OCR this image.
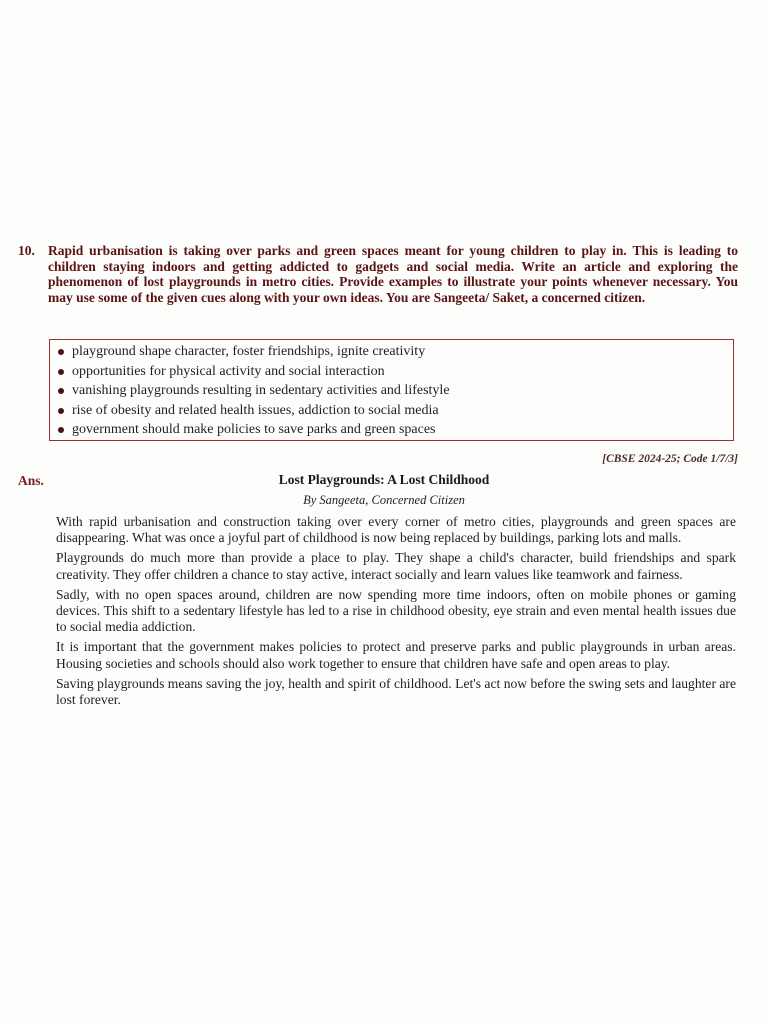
10. Rapid urbanisation is taking over parks and green spaces meant for young children to play in. This is leading to children staying indoors and getting addicted to gadgets and social media. Write an article and exploring the phenomenon of lost playgrounds in metro cities. Provide examples to illustrate your points whenever necessary. You may use some of the given cues along with your own ideas. You are Sangeeta/ Saket, a concerned citizen.
playground shape character, foster friendships, ignite creativity
opportunities for physical activity and social interaction
vanishing playgrounds resulting in sedentary activities and lifestyle
rise of obesity and related health issues, addiction to social media
government should make policies to save parks and green spaces
[CBSE 2024-25; Code 1/7/3]
Ans.	Lost Playgrounds: A Lost Childhood
By Sangeeta, Concerned Citizen

With rapid urbanisation and construction taking over every corner of metro cities, playgrounds and green spaces are disappearing. What was once a joyful part of childhood is now being replaced by buildings, parking lots and malls.

Playgrounds do much more than provide a place to play. They shape a child's character, build friendships and spark creativity. They offer children a chance to stay active, interact socially and learn values like teamwork and fairness.

Sadly, with no open spaces around, children are now spending more time indoors, often on mobile phones or gaming devices. This shift to a sedentary lifestyle has led to a rise in childhood obesity, eye strain and even mental health issues due to social media addiction.

It is important that the government makes policies to protect and preserve parks and public playgrounds in urban areas. Housing societies and schools should also work together to ensure that children have safe and open areas to play.

Saving playgrounds means saving the joy, health and spirit of childhood. Let's act now before the swing sets and laughter are lost forever.
